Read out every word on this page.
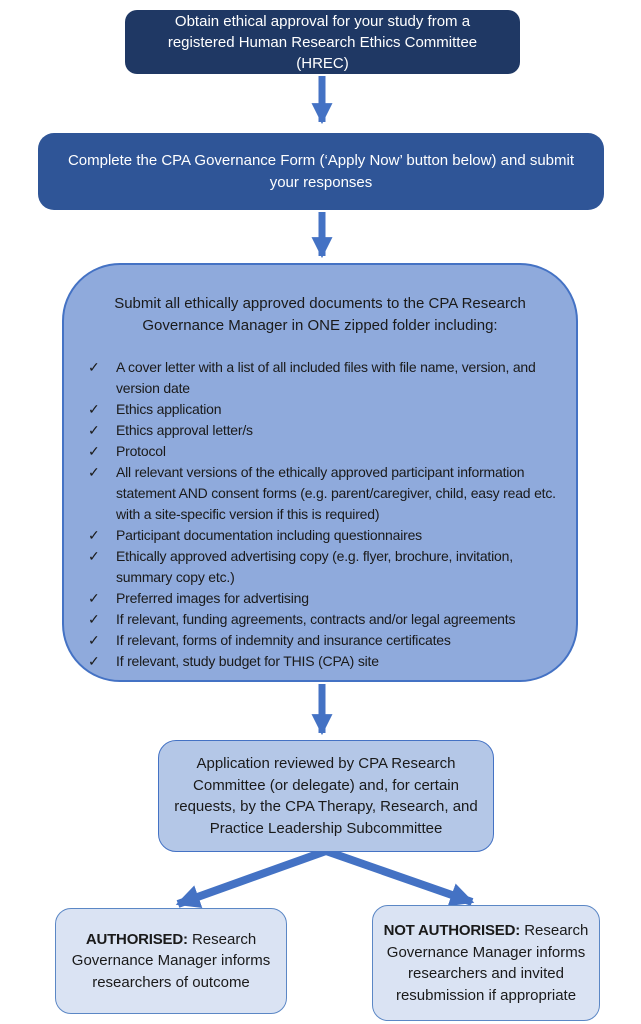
Obtain ethical approval for your study from a registered Human Research Ethics Committee (HREC)
Complete the CPA Governance Form (‘Apply Now’ button below) and submit your responses

Submit all ethically approved documents to the CPA Research Governance Manager in ONE zipped folder including:

✓ A cover letter with a list of all included files with file name, version, and version date
✓ Ethics application
✓ Ethics approval letter/s
✓ Protocol
✓ All relevant versions of the ethically approved participant information statement AND consent forms (e.g. parent/caregiver, child, easy read etc. with a site-specific version if this is required)
✓ Participant documentation including questionnaires
✓ Ethically approved advertising copy (e.g. flyer, brochure, invitation, summary copy etc.)
✓ Preferred images for advertising
✓ If relevant, funding agreements, contracts and/or legal agreements
✓ If relevant, forms of indemnity and insurance certificates
✓ If relevant, study budget for THIS (CPA) site
Application reviewed by CPA Research Committee (or delegate) and, for certain requests, by the CPA Therapy, Research, and Practice Leadership Subcommittee
AUTHORISED: Research Governance Manager informs researchers of outcome
NOT AUTHORISED: Research Governance Manager informs researchers and invited resubmission if appropriate
